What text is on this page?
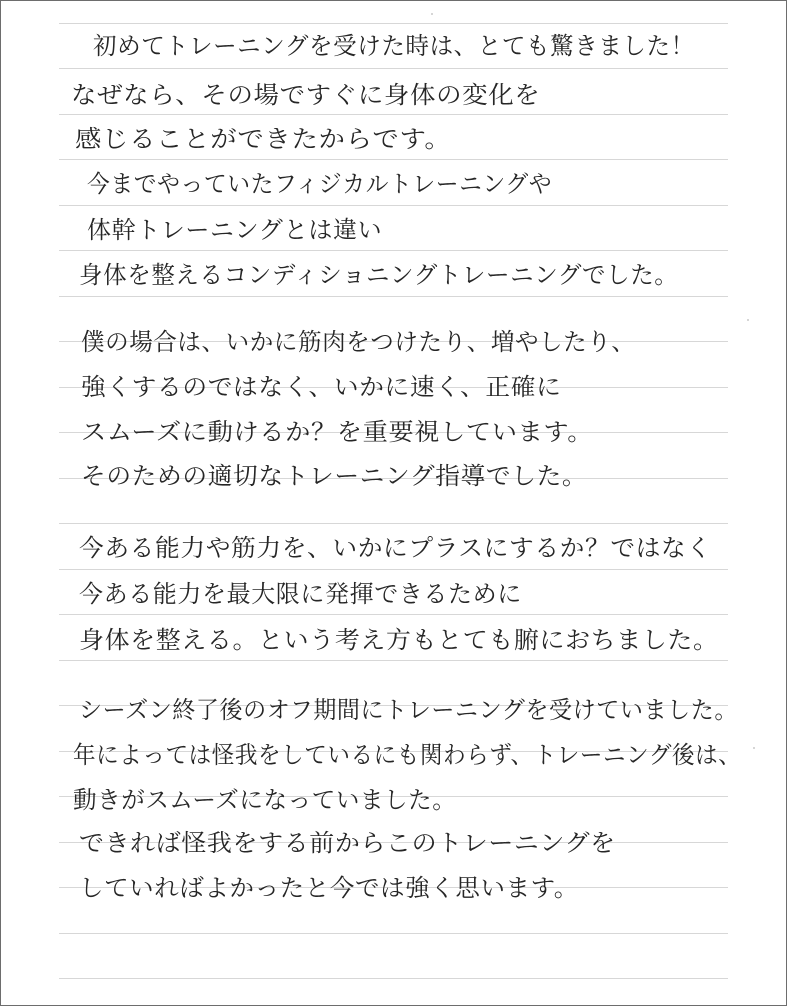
初めてトレーニングを受けた時は、とても驚きました！
なぜなら、その場ですぐに身体の変化を
感じることができたからです。
今までやっていたフィジカルトレーニングや
体幹トレーニングとは違い
身体を整えるコンディショニングトレーニングでした。
僕の場合は、いかに筋肉をつけたり、増やしたり、
強くするのではなく、いかに速く、正確に
スムーズに動けるか？を重要視しています。
そのための適切なトレーニング指導でした。
今ある能力や筋力を、いかにプラスにするか？ではなく
今ある能力を最大限に発揮できるために
身体を整える。という考え方もとても腑におちました。
シーズン終了後のオフ期間にトレーニングを受けていました。
年によっては怪我をしているにも関わらず、トレーニング後は、
動きがスムーズになっていました。
できれば怪我をする前からこのトレーニングを
していればよかったと今では強く思います。
